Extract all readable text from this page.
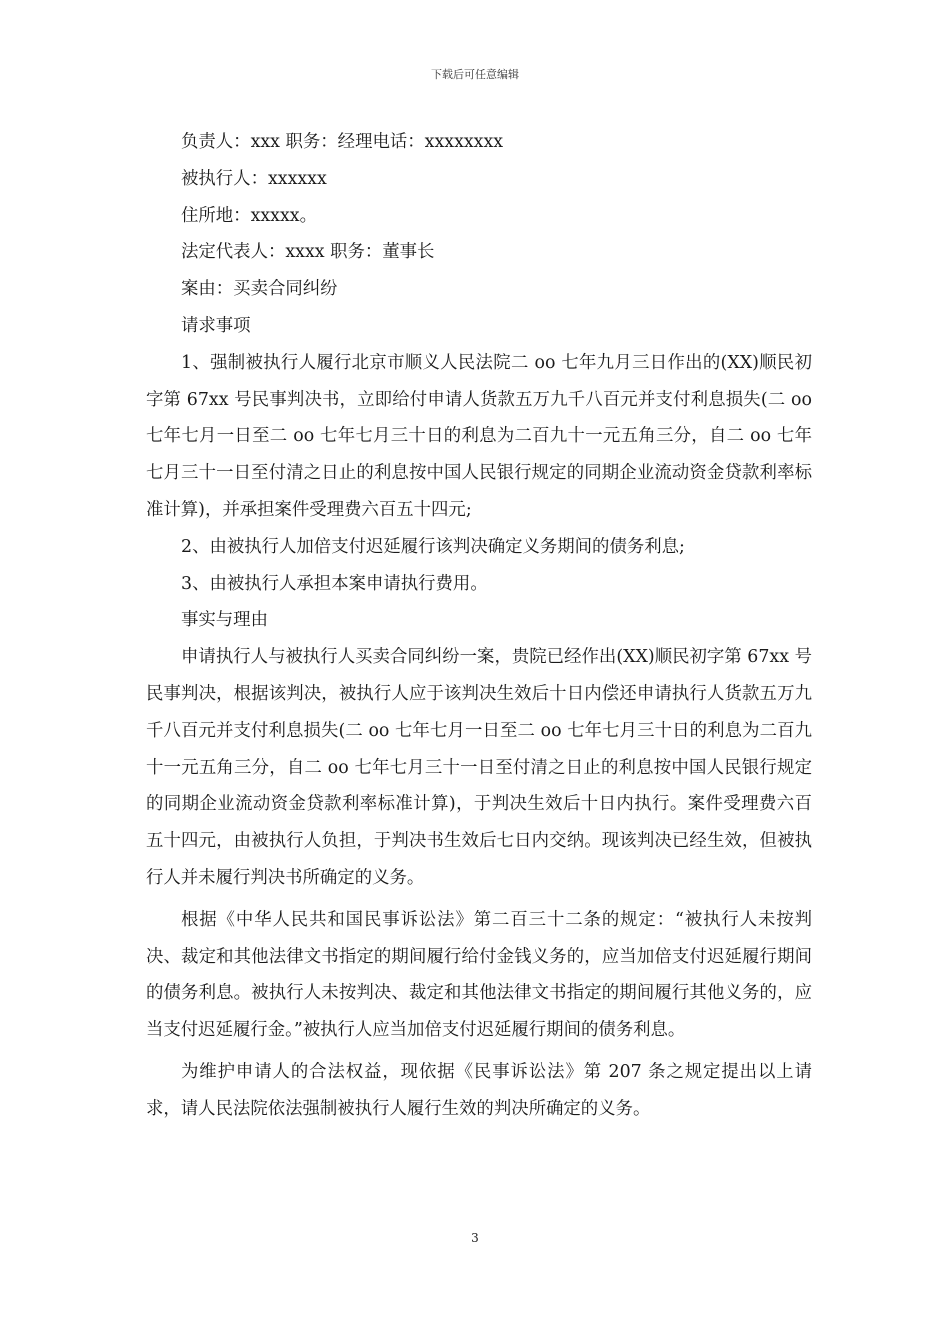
下载后可任意编辑

负责人：xxx 职务：经理电话：xxxxxxxx

被执行人：xxxxxx

住所地：xxxxx。

法定代表人：xxxx 职务：董事长

案由：买卖合同纠纷

请求事项

1、强制被执行人履行北京市顺义人民法院二 oo 七年九月三日作出的(XX)顺民初字第 67xx 号民事判决书，立即给付申请人货款五万九千八百元并支付利息损失(二 oo 七年七月一日至二 oo 七年七月三十日的利息为二百九十一元五角三分，自二 oo 七年七月三十一日至付清之日止的利息按中国人民银行规定的同期企业流动资金贷款利率标准计算)，并承担案件受理费六百五十四元;

2、由被执行人加倍支付迟延履行该判决确定义务期间的债务利息;

3、由被执行人承担本案申请执行费用。

事实与理由

申请执行人与被执行人买卖合同纠纷一案，贵院已经作出(XX)顺民初字第 67xx 号民事判决，根据该判决，被执行人应于该判决生效后十日内偿还申请执行人货款五万九千八百元并支付利息损失(二 oo 七年七月一日至二 oo 七年七月三十日的利息为二百九十一元五角三分，自二 oo 七年七月三十一日至付清之日止的利息按中国人民银行规定的同期企业流动资金贷款利率标准计算)，于判决生效后十日内执行。案件受理费六百五十四元，由被执行人负担，于判决书生效后七日内交纳。现该判决已经生效，但被执行人并未履行判决书所确定的义务。

根据《中华人民共和国民事诉讼法》第二百三十二条的规定：“被执行人未按判决、裁定和其他法律文书指定的期间履行给付金钱义务的，应当加倍支付迟延履行期间的债务利息。被执行人未按判决、裁定和其他法律文书指定的期间履行其他义务的，应当支付迟延履行金。”被执行人应当加倍支付迟延履行期间的债务利息。

为维护申请人的合法权益，现依据《民事诉讼法》第 207 条之规定提出以上请求，请人民法院依法强制被执行人履行生效的判决所确定的义务。

3
